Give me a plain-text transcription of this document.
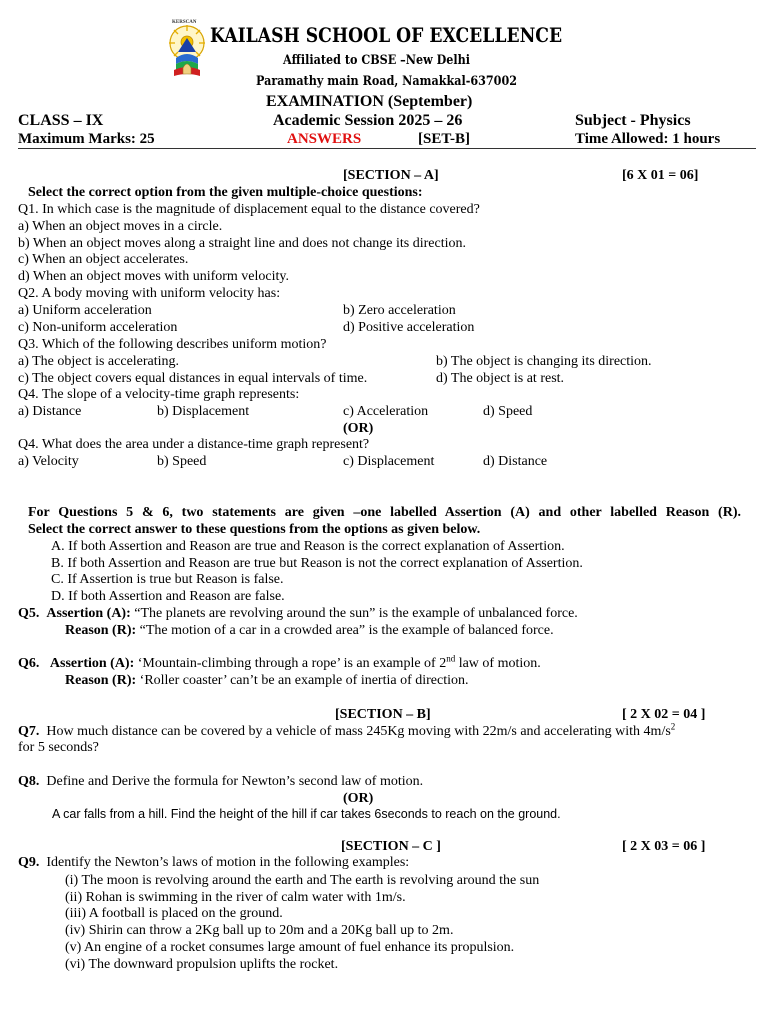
KERSCAN
KAILASH SCHOOL OF EXCELLENCE
Affiliated to CBSE –New Delhi
Paramathy main Road, Namakkal-637002
EXAMINATION (September)
CLASS – IX	Academic Session 2025 – 26	Subject - Physics
Maximum Marks: 25	ANSWERS	[SET-B]	Time Allowed: 1 hours
[SECTION – A]	[6 X 01 = 06]
Select the correct option from the given multiple-choice questions:
Q1. In which case is the magnitude of displacement equal to the distance covered?
a) When an object moves in a circle.
b) When an object moves along a straight line and does not change its direction.
c) When an object accelerates.
d) When an object moves with uniform velocity.
Q2. A body moving with uniform velocity has:
a) Uniform acceleration	b) Zero acceleration
c) Non-uniform acceleration	d) Positive acceleration
Q3. Which of the following describes uniform motion?
a) The object is accelerating.	b) The object is changing its direction.
c) The object covers equal distances in equal intervals of time.	d) The object is at rest.
Q4. The slope of a velocity-time graph represents:
a) Distance	b) Displacement	c) Acceleration	d) Speed
(OR)
Q4. What does the area under a distance-time graph represent?
a) Velocity	b) Speed	c) Displacement	d) Distance
For Questions 5 & 6, two statements are given –one labelled Assertion (A) and other labelled Reason (R).
Select the correct answer to these questions from the options as given below.
A. If both Assertion and Reason are true and Reason is the correct explanation of Assertion.
B. If both Assertion and Reason are true but Reason is not the correct explanation of Assertion.
C. If Assertion is true but Reason is false.
D. If both Assertion and Reason are false.
Q5. Assertion (A): “The planets are revolving around the sun” is the example of unbalanced force.
Reason (R): “The motion of a car in a crowded area” is the example of balanced force.
Q6. Assertion (A): ‘Mountain-climbing through a rope’ is an example of 2nd law of motion.
Reason (R): ‘Roller coaster’ can’t be an example of inertia of direction.
[SECTION – B]	[ 2 X 02 = 04 ]
Q7. How much distance can be covered by a vehicle of mass 245Kg moving with 22m/s and accelerating with $4m/s^2$
for 5 seconds?
Q8. Define and Derive the formula for Newton’s second law of motion.
(OR)
A car falls from a hill. Find the height of the hill if car takes 6seconds to reach on the ground.
[SECTION – C ]	[ 2 X 03 = 06 ]
Q9. Identify the Newton’s laws of motion in the following examples:
(i) The moon is revolving around the earth and The earth is revolving around the sun
(ii) Rohan is swimming in the river of calm water with 1m/s.
(iii) A football is placed on the ground.
(iv) Shirin can throw a 2Kg ball up to 20m and a 20Kg ball up to 2m.
(v) An engine of a rocket consumes large amount of fuel enhance its propulsion.
(vi) The downward propulsion uplifts the rocket.
